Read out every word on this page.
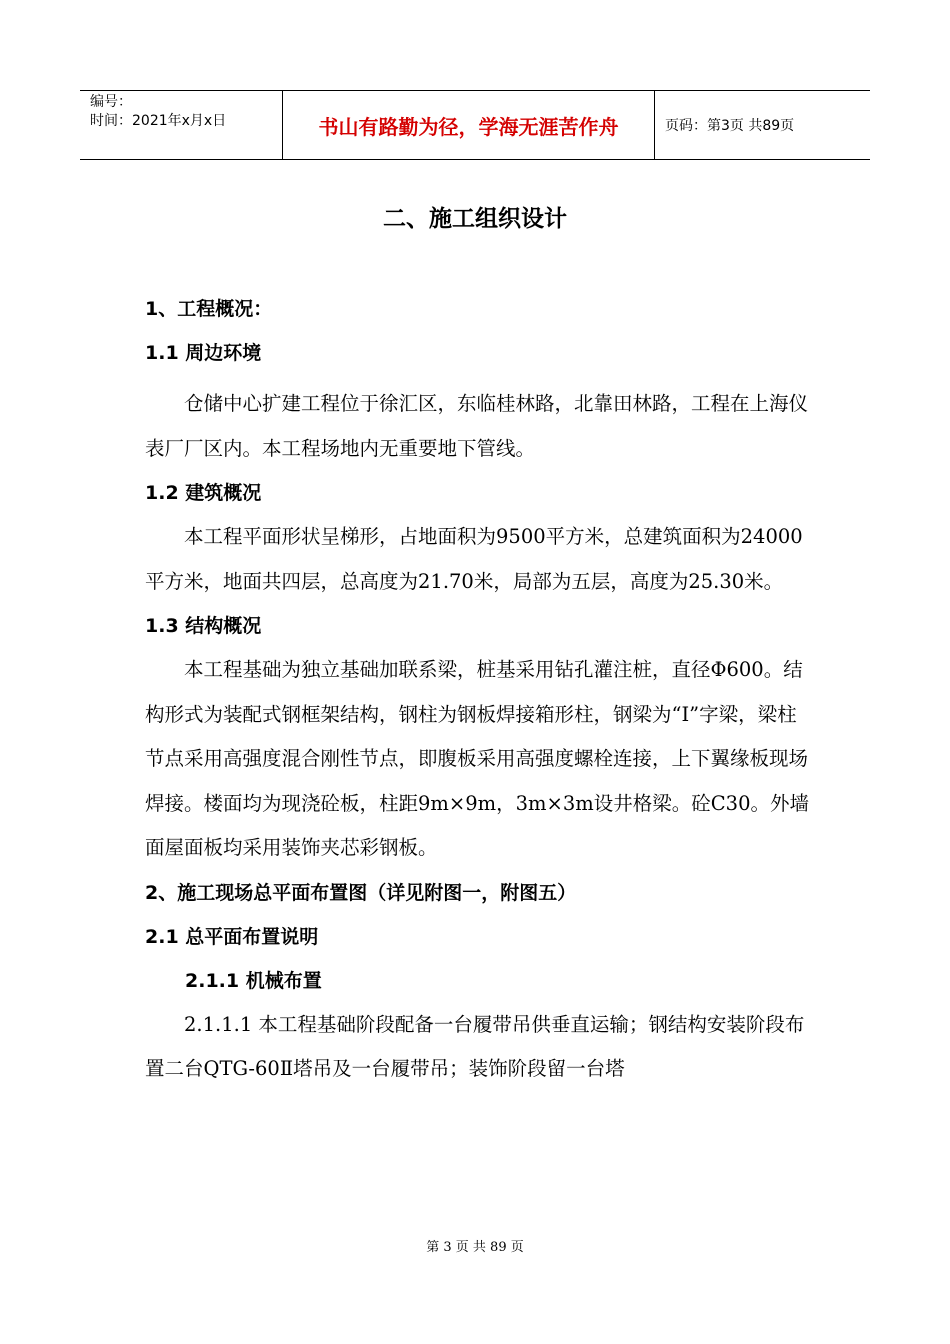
编号：
时间：2021年x月x日	书山有路勤为径，学海无涯苦作舟	页码：第3页 共89页
二、施工组织设计

1、工程概况：

1.1 周边环境

仓储中心扩建工程位于徐汇区，东临桂林路，北靠田林路，工程在上海仪表厂厂区内。本工程场地内无重要地下管线。

1.2 建筑概况

本工程平面形状呈梯形，占地面积为9500平方米，总建筑面积为24000平方米，地面共四层，总高度为21.70米，局部为五层，高度为25.30米。

1.3 结构概况

本工程基础为独立基础加联系梁，桩基采用钻孔灌注桩，直径Φ600。结构形式为装配式钢框架结构，钢柱为钢板焊接箱形柱，钢梁为“I”字梁，梁柱节点采用高强度混合刚性节点，即腹板采用高强度螺栓连接，上下翼缘板现场焊接。楼面均为现浇砼板，柱距9m×9m，3m×3m设井格梁。砼C30。外墙面屋面板均采用装饰夹芯彩钢板。

2、施工现场总平面布置图（详见附图一，附图五）

2.1 总平面布置说明

2.1.1 机械布置

2.1.1.1 本工程基础阶段配备一台履带吊供垂直运输；钢结构安装阶段布置二台QTG-60Ⅱ塔吊及一台履带吊；装饰阶段留一台塔

第 3 页 共 89 页
